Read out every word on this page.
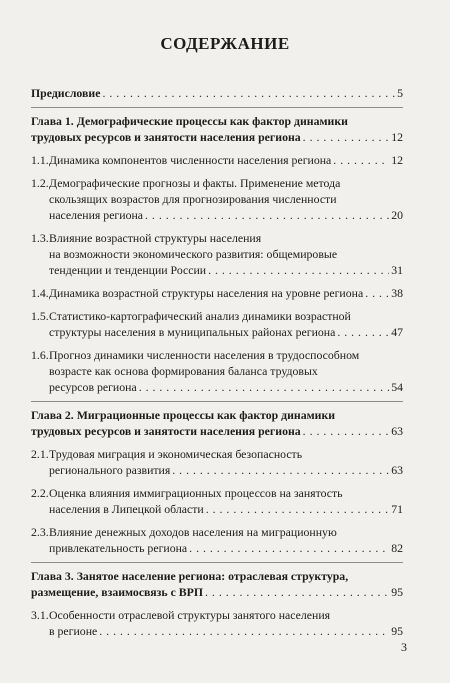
СОДЕРЖАНИЕ
Предисловие . . .	5
Глава 1. Демографические процессы как фактор динамики
трудовых ресурсов и занятости населения региона . . .	12
1.1. Динамика компонентов численности населения региона . . .	12
1.2. Демографические прогнозы и факты. Применение метода
скользящих возрастов для прогнозирования численности
населения региона . . .	20
1.3. Влияние возрастной структуры населения
на возможности экономического развития: общемировые
тенденции и тенденции России . . .	31
1.4. Динамика возрастной структуры населения на уровне региона . . . 38
1.5. Статистико-картографический анализ динамики возрастной
структуры населения в муниципальных районах региона . . .	47
1.6. Прогноз динамики численности населения в трудоспособном
возрасте как основа формирования баланса трудовых
ресурсов региона . . .	54
Глава 2. Миграционные процессы как фактор динамики
трудовых ресурсов и занятости населения региона . . .	63
2.1. Трудовая миграция и экономическая безопасность
регионального развития . . .	63
2.2. Оценка влияния иммиграционных процессов на занятость
населения в Липецкой области . . .	71
2.3. Влияние денежных доходов населения на миграционную
привлекательность региона . . .	82
Глава 3. Занятое население региона: отраслевая структура,
размещение, взаимосвязь с ВРП . . .	95
3.1. Особенности отраслевой структуры занятого населения
в регионе . . .	95
3
